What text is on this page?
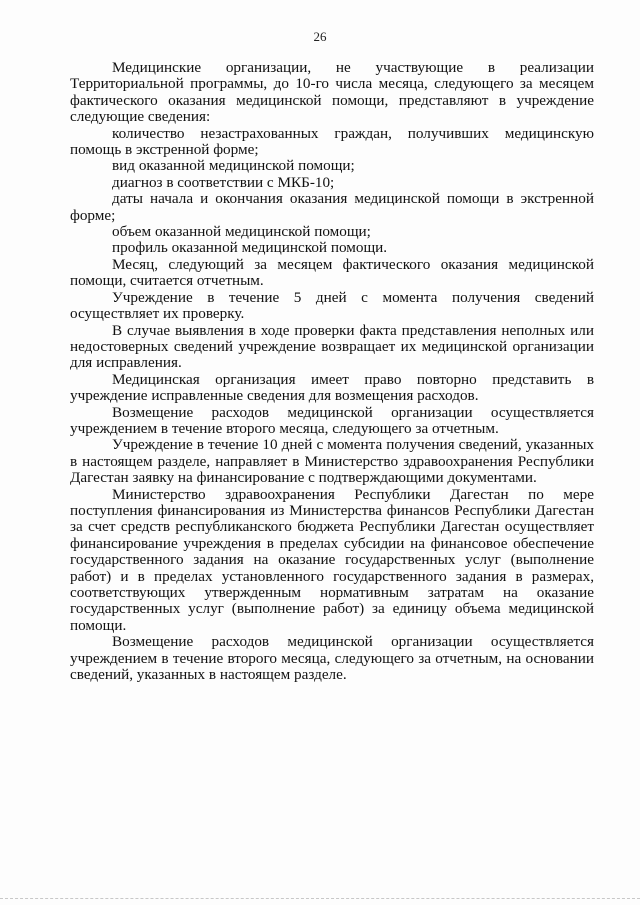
26

Медицинские организации, не участвующие в реализации Территориальной программы, до 10-го числа месяца, следующего за месяцем фактического оказания медицинской помощи, представляют в учреждение следующие сведения:

количество незастрахованных граждан, получивших медицинскую помощь в экстренной форме;

вид оказанной медицинской помощи;

диагноз в соответствии с МКБ-10;

даты начала и окончания оказания медицинской помощи в экстренной форме;

объем оказанной медицинской помощи;

профиль оказанной медицинской помощи.

Месяц, следующий за месяцем фактического оказания медицинской помощи, считается отчетным.

Учреждение в течение 5 дней с момента получения сведений осуществляет их проверку.

В случае выявления в ходе проверки факта представления неполных или недостоверных сведений учреждение возвращает их медицинской организации для исправления.

Медицинская организация имеет право повторно представить в учреждение исправленные сведения для возмещения расходов.

Возмещение расходов медицинской организации осуществляется учреждением в течение второго месяца, следующего за отчетным.

Учреждение в течение 10 дней с момента получения сведений, указанных в настоящем разделе, направляет в Министерство здравоохранения Республики Дагестан заявку на финансирование с подтверждающими документами.

Министерство здравоохранения Республики Дагестан по мере поступления финансирования из Министерства финансов Республики Дагестан за счет средств республиканского бюджета Республики Дагестан осуществляет финансирование учреждения в пределах субсидии на финансовое обеспечение государственного задания на оказание государственных услуг (выполнение работ) и в пределах установленного государственного задания в размерах, соответствующих утвержденным нормативным затратам на оказание государственных услуг (выполнение работ) за единицу объема медицинской помощи.

Возмещение расходов медицинской организации осуществляется учреждением в течение второго месяца, следующего за отчетным, на основании сведений, указанных в настоящем разделе.
